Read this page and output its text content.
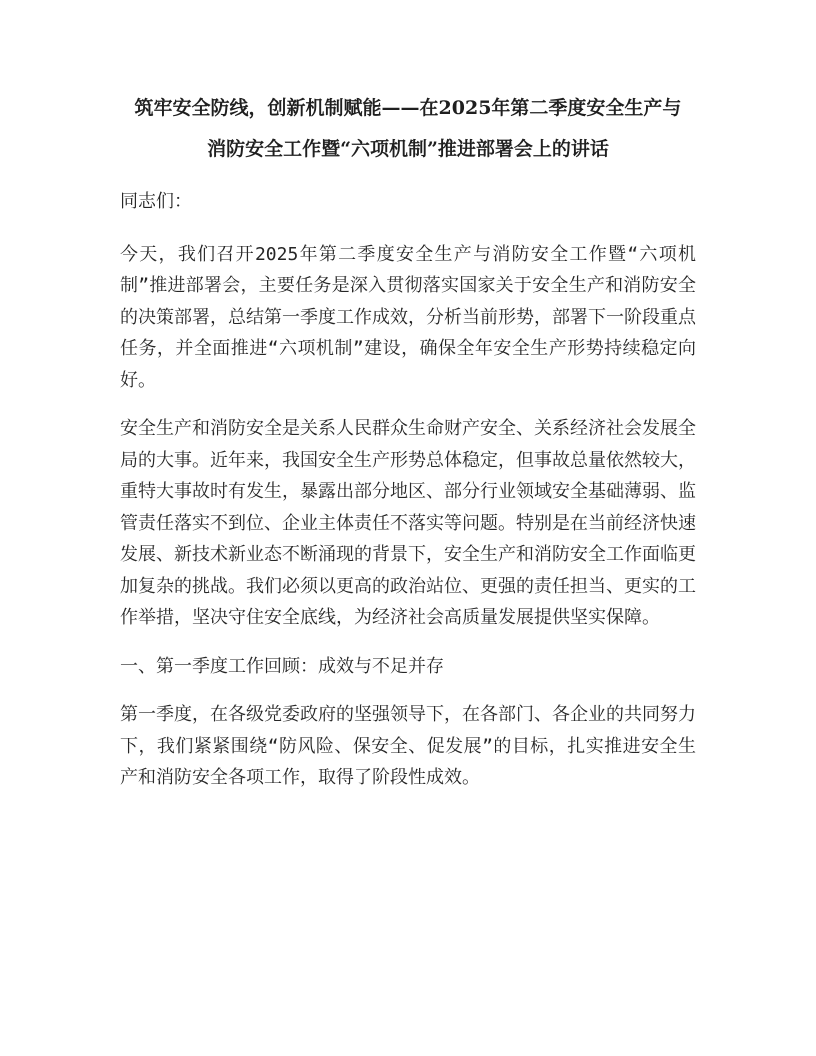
筑牢安全防线，创新机制赋能——在2025年第二季度安全生产与
消防安全工作暨“六项机制”推进部署会上的讲话

同志们：

今天，我们召开2025年第二季度安全生产与消防安全工作暨“六项机制”推进部署会，主要任务是深入贯彻落实国家关于安全生产和消防安全的决策部署，总结第一季度工作成效，分析当前形势，部署下一阶段重点任务，并全面推进“六项机制”建设，确保全年安全生产形势持续稳定向好。

安全生产和消防安全是关系人民群众生命财产安全、关系经济社会发展全局的大事。近年来，我国安全生产形势总体稳定，但事故总量依然较大，重特大事故时有发生，暴露出部分地区、部分行业领域安全基础薄弱、监管责任落实不到位、企业主体责任不落实等问题。特别是在当前经济快速发展、新技术新业态不断涌现的背景下，安全生产和消防安全工作面临更加复杂的挑战。我们必须以更高的政治站位、更强的责任担当、更实的工作举措，坚决守住安全底线，为经济社会高质量发展提供坚实保障。

一、第一季度工作回顾：成效与不足并存

第一季度，在各级党委政府的坚强领导下，在各部门、各企业的共同努力下，我们紧紧围绕“防风险、保安全、促发展”的目标，扎实推进安全生产和消防安全各项工作，取得了阶段性成效。
